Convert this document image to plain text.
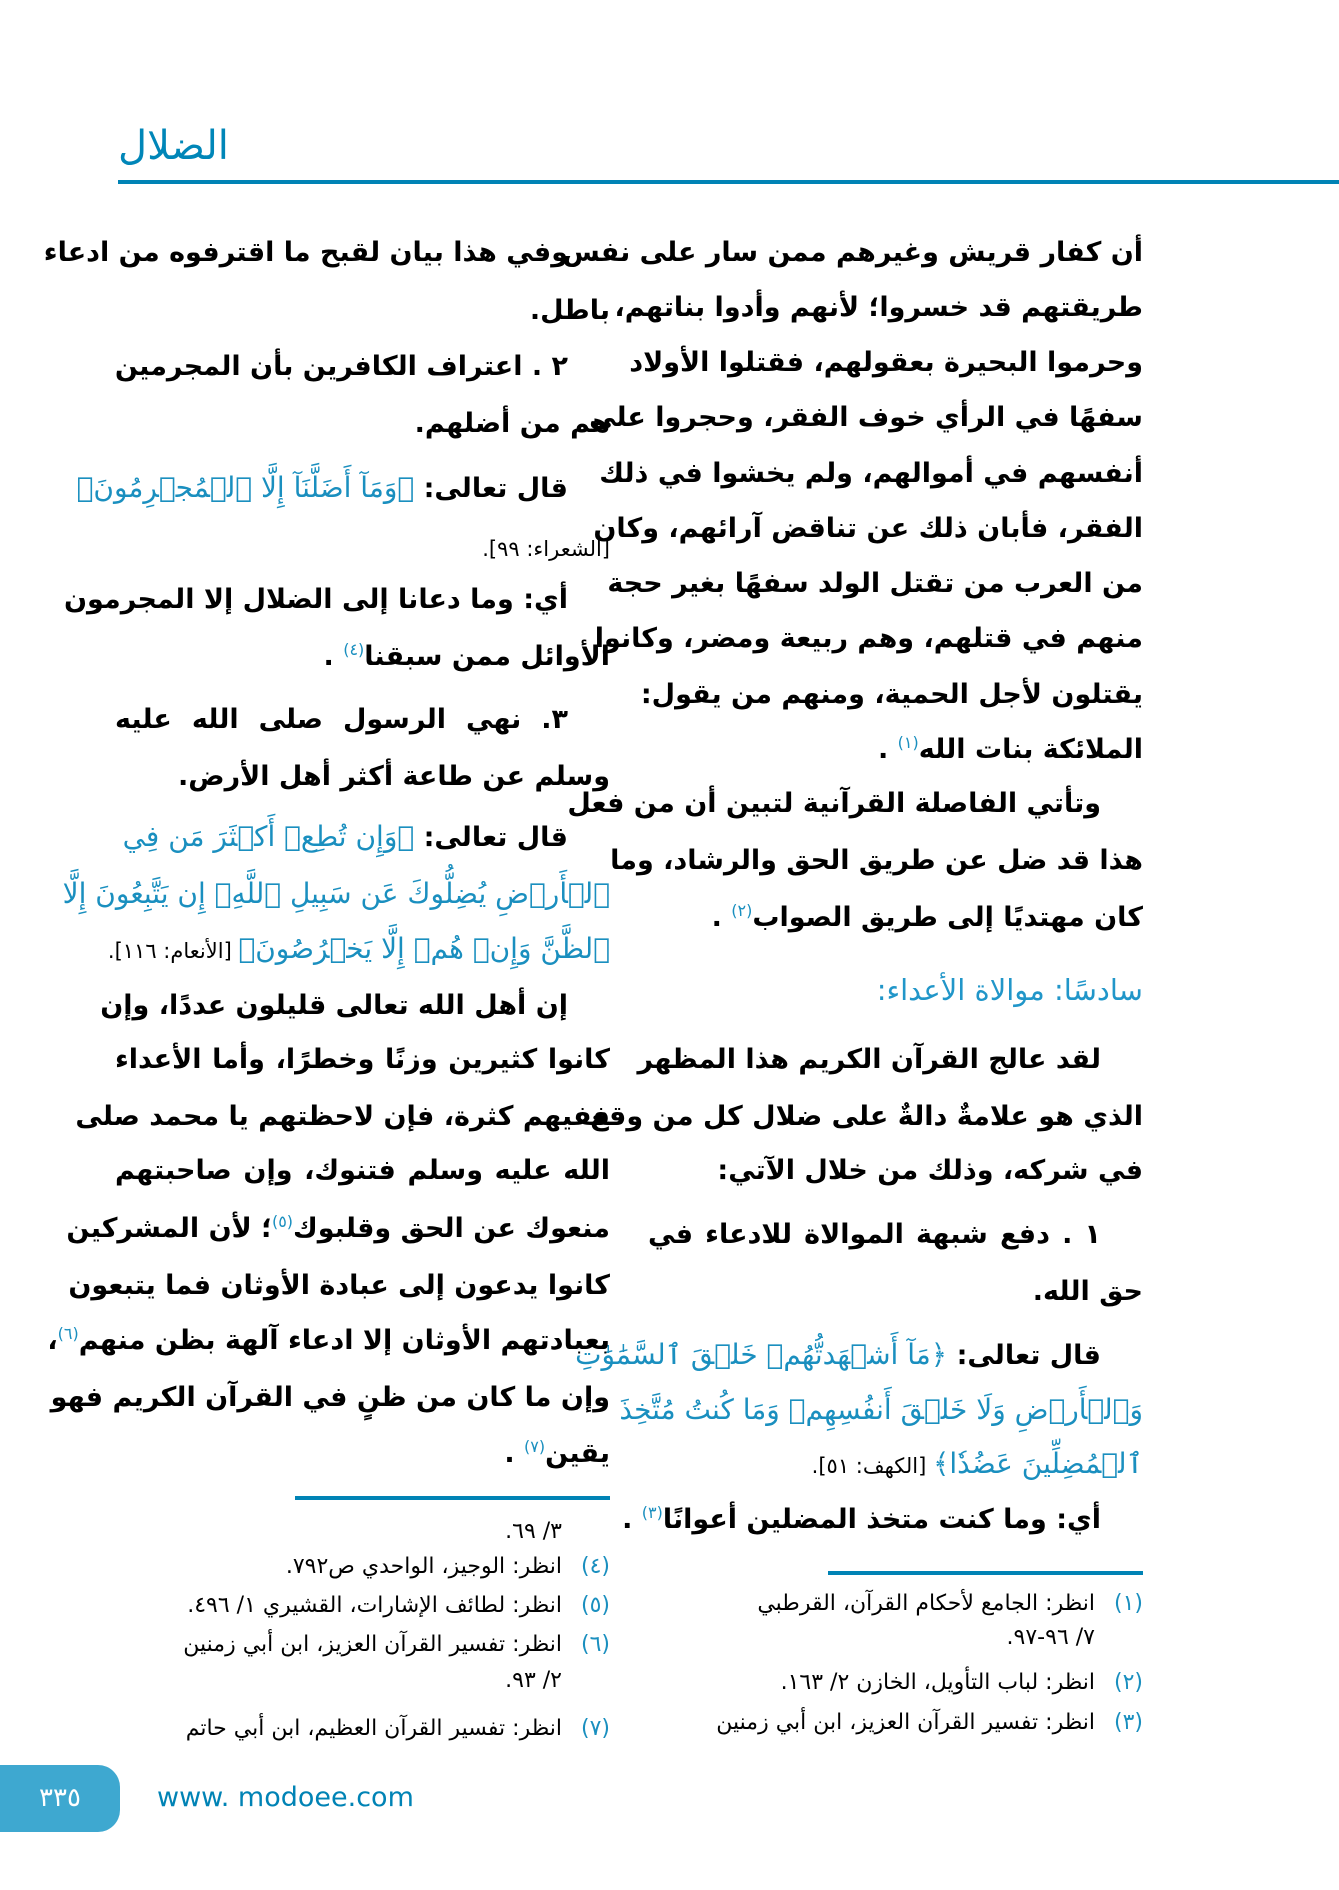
الضلال
أن كفار قريش وغيرهم ممن سار على نفس
طريقتهم قد خسروا؛ لأنهم وأدوا بناتهم،
وحرموا البحيرة بعقولهم، فقتلوا الأولاد
سفهًا في الرأي خوف الفقر، وحجروا على
أنفسهم في أموالهم، ولم يخشوا في ذلك
الفقر، فأبان ذلك عن تناقض آرائهم، وكان
من العرب من تقتل الولد سفهًا بغير حجة
منهم في قتلهم، وهم ربيعة ومضر، وكانوا
يقتلون لأجل الحمية، ومنهم من يقول:
الملائكة بنات الله$^{(١)}$ .
وتأتي الفاصلة القرآنية لتبين أن من فعل
هذا قد ضل عن طريق الحق والرشاد، وما
كان مهتديًا إلى طريق الصواب$^{(٢)}$ .
سادسًا: موالاة الأعداء:
لقد عالج القرآن الكريم هذا المظهر
الذي هو علامةٌ دالةٌ على ضلال كل من وقع
في شركه، وذلك من خلال الآتي:
١ . دفع شبهة الموالاة للادعاء في
حق الله.
قال تعالى: ﴿مَآ أَشۡهَدتُّهُمۡ خَلۡقَ ٱلسَّمَٰوَٰتِ
وَٱلۡأَرۡضِ وَلَا خَلۡقَ أَنفُسِهِمۡ وَمَا كُنتُ مُتَّخِذَ
ٱلۡمُضِلِّينَ عَضُدٗا﴾ [الكهف: ٥١].
أي: وما كنت متخذ المضلين أعوانًا$^{(٣)}$ .
(١)انظر: الجامع لأحكام القرآن، القرطبي
٧/ ٩٦-٩٧.
(٢)انظر: لباب التأويل، الخازن ٢/ ١٦٣.
(٣)انظر: تفسير القرآن العزيز، ابن أبي زمنين
وفي هذا بيان لقبح ما اقترفوه من ادعاء
باطل.
٢ . اعتراف الكافرين بأن المجرمين
هم من أضلهم.
قال تعالى: ﴿وَمَآ أَضَلَّنَآ إِلَّا ٱلۡمُجۡرِمُونَ﴾
[الشعراء: ٩٩].
أي: وما دعانا إلى الضلال إلا المجرمون
الأوائل ممن سبقنا$^{(٤)}$ .
٣. نهي الرسول صلى الله عليه
وسلم عن طاعة أكثر أهل الأرض.
قال تعالى: ﴿وَإِن تُطِعۡ أَكۡثَرَ مَن فِي
ٱلۡأَرۡضِ يُضِلُّوكَ عَن سَبِيلِ ٱللَّهِۚ إِن يَتَّبِعُونَ إِلَّا
ٱلظَّنَّ وَإِنۡ هُمۡ إِلَّا يَخۡرُصُونَ﴾ [الأنعام: ١١٦].
إن أهل الله تعالى قليلون عددًا، وإن
كانوا كثيرين وزنًا وخطرًا، وأما الأعداء
ففيهم كثرة، فإن لاحظتهم يا محمد صلى
الله عليه وسلم فتنوك، وإن صاحبتهم
منعوك عن الحق وقلبوك$^{(٥)}$؛ لأن المشركين
كانوا يدعون إلى عبادة الأوثان فما يتبعون
بعبادتهم الأوثان إلا ادعاء آلهة بظن منهم$^{(٦)}$،
وإن ما كان من ظنٍ في القرآن الكريم فهو
يقين$^{(٧)}$ .
٣/ ٦٩.
(٤)انظر: الوجيز، الواحدي ص٧٩٢.
(٥)انظر: لطائف الإشارات، القشيري ١/ ٤٩٦.
(٦)انظر: تفسير القرآن العزيز، ابن أبي زمنين
٢/ ٩٣.
(٧)انظر: تفسير القرآن العظيم، ابن أبي حاتم
٣٣٥	www. modoee.com
